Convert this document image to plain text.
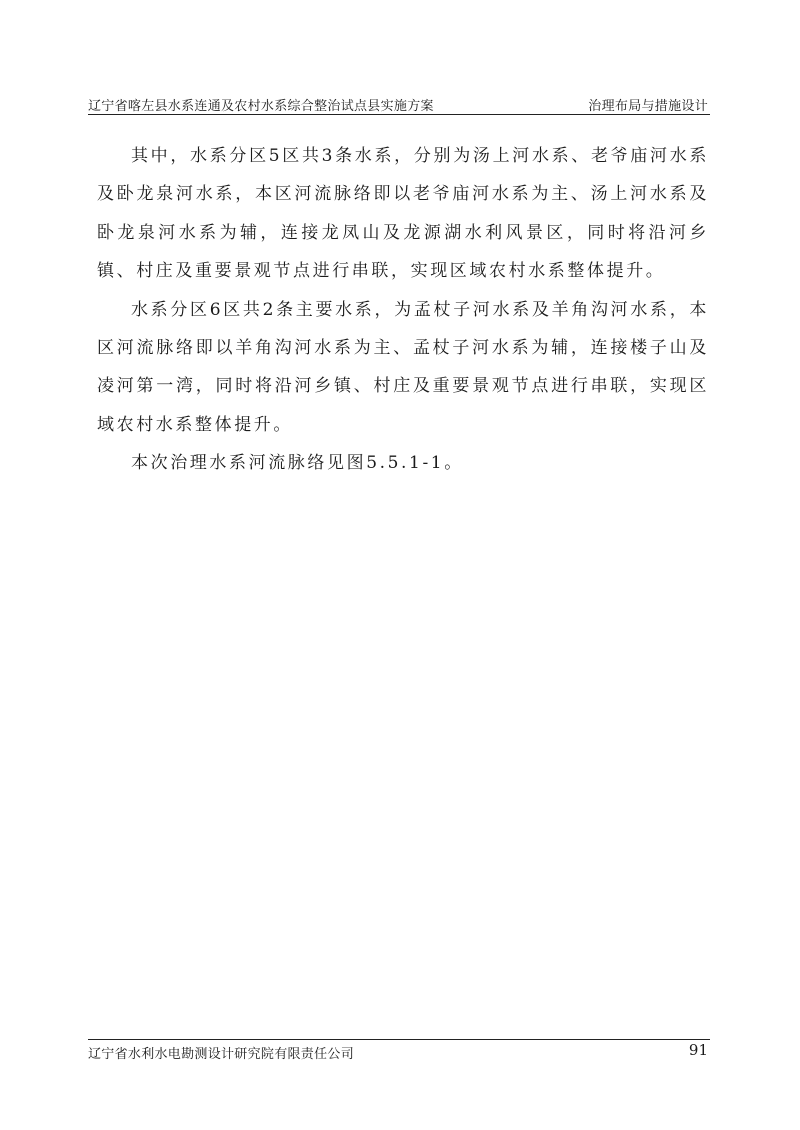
辽宁省喀左县水系连通及农村水系综合整治试点县实施方案	治理布局与措施设计

其中，水系分区5区共3条水系，分别为汤上河水系、老爷庙河水系及卧龙泉河水系，本区河流脉络即以老爷庙河水系为主、汤上河水系及卧龙泉河水系为辅，连接龙凤山及龙源湖水利风景区，同时将沿河乡镇、村庄及重要景观节点进行串联，实现区域农村水系整体提升。

水系分区6区共2条主要水系，为孟杖子河水系及羊角沟河水系，本区河流脉络即以羊角沟河水系为主、孟杖子河水系为辅，连接楼子山及凌河第一湾，同时将沿河乡镇、村庄及重要景观节点进行串联，实现区域农村水系整体提升。

本次治理水系河流脉络见图5.5.1-1。

辽宁省水利水电勘测设计研究院有限责任公司	91
